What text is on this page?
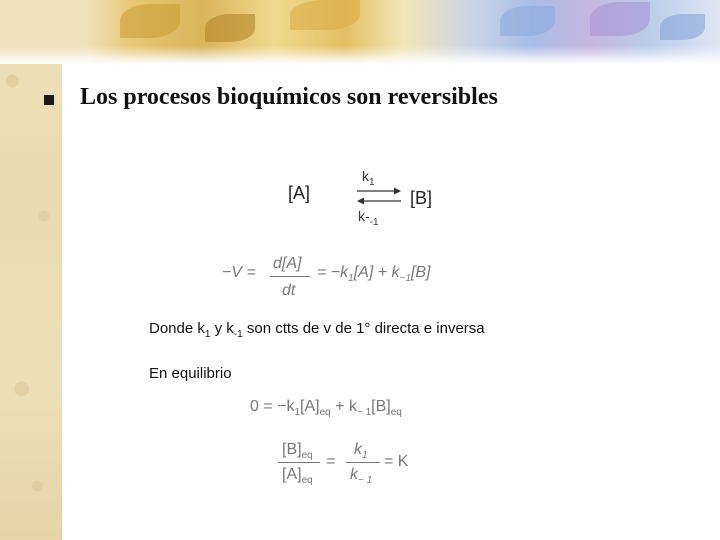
Los procesos bioquímicos son reversibles
[A]
$k_1$
$k-_{-1}$
[B]
−V =
d[A]
dt
= $-k_1[A] + k_{-1}[B]$
Donde $k_1$ y $k_{-1}$ son ctts de v de 1° directa e inversa
En equilibrio
$0 = -k_1[A]_{eq} + k_{- 1}[B]_{eq}$
$[B]_{eq}$
$[A]_{eq}$
=
$k_1$
$k_{- 1}$
= K
